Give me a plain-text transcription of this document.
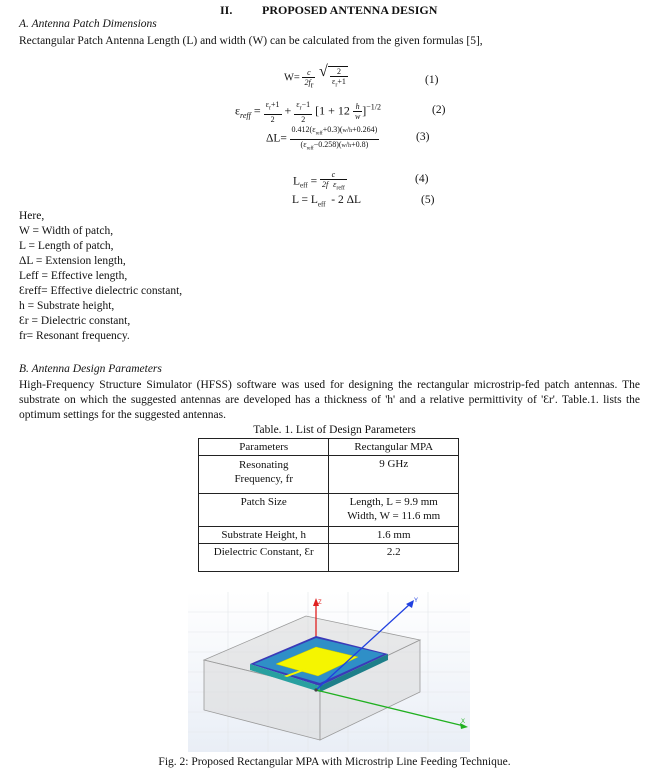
II. PROPOSED ANTENNA DESIGN
A. Antenna Patch Dimensions
Rectangular Patch Antenna Length (L) and width (W) can be calculated from the given formulas [5],
$W= \frac{c}{2f_r}$
√ $\frac{2}{\varepsilon_r+1}$	(1)
$\varepsilon_{reff} = \frac{\varepsilon_r+1}{2} + \frac{\varepsilon_r-1}{2} [1 + 12 \frac{h}{w} ]^{-1/2}$	(2)
$\Delta L= \frac{0.412(\varepsilon_{reff}+0.3)(w/h+0.264)}{(\varepsilon_{reff}-0.258)(w/h+0.8)}$	(3)
$L_{eff} = \frac{c}{2f \varepsilon_{reff}}$	(4)
$L = L_{eff} - 2$ ΔL	(5)
Here,
W = Width of patch,
L = Length of patch,
ΔL = Extension length,
Leff = Effective length,
Ɛreff= Effective dielectric constant,
h = Substrate height,
Ɛr = Dielectric constant,
fr= Resonant frequency.
B. Antenna Design Parameters
High-Frequency Structure Simulator (HFSS) software was used for designing the rectangular microstrip-fed patch antennas. The substrate on which the suggested antennas are developed has a thickness of 'h' and a relative permittivity of 'Ɛr'. Table.1. lists the optimum settings for the suggested antennas.
Table. 1. List of Design Parameters
Parameters	Rectangular MPA
Resonating Frequency, fr	9 GHz
Patch Size	Length, L = 9.9 mm
Width, W = 11.6 mm
Substrate Height, h	1.6 mm
Dielectric Constant, Ɛr	2.2
Z	Y
X
Fig. 2: Proposed Rectangular MPA with Microstrip Line Feeding Technique.
